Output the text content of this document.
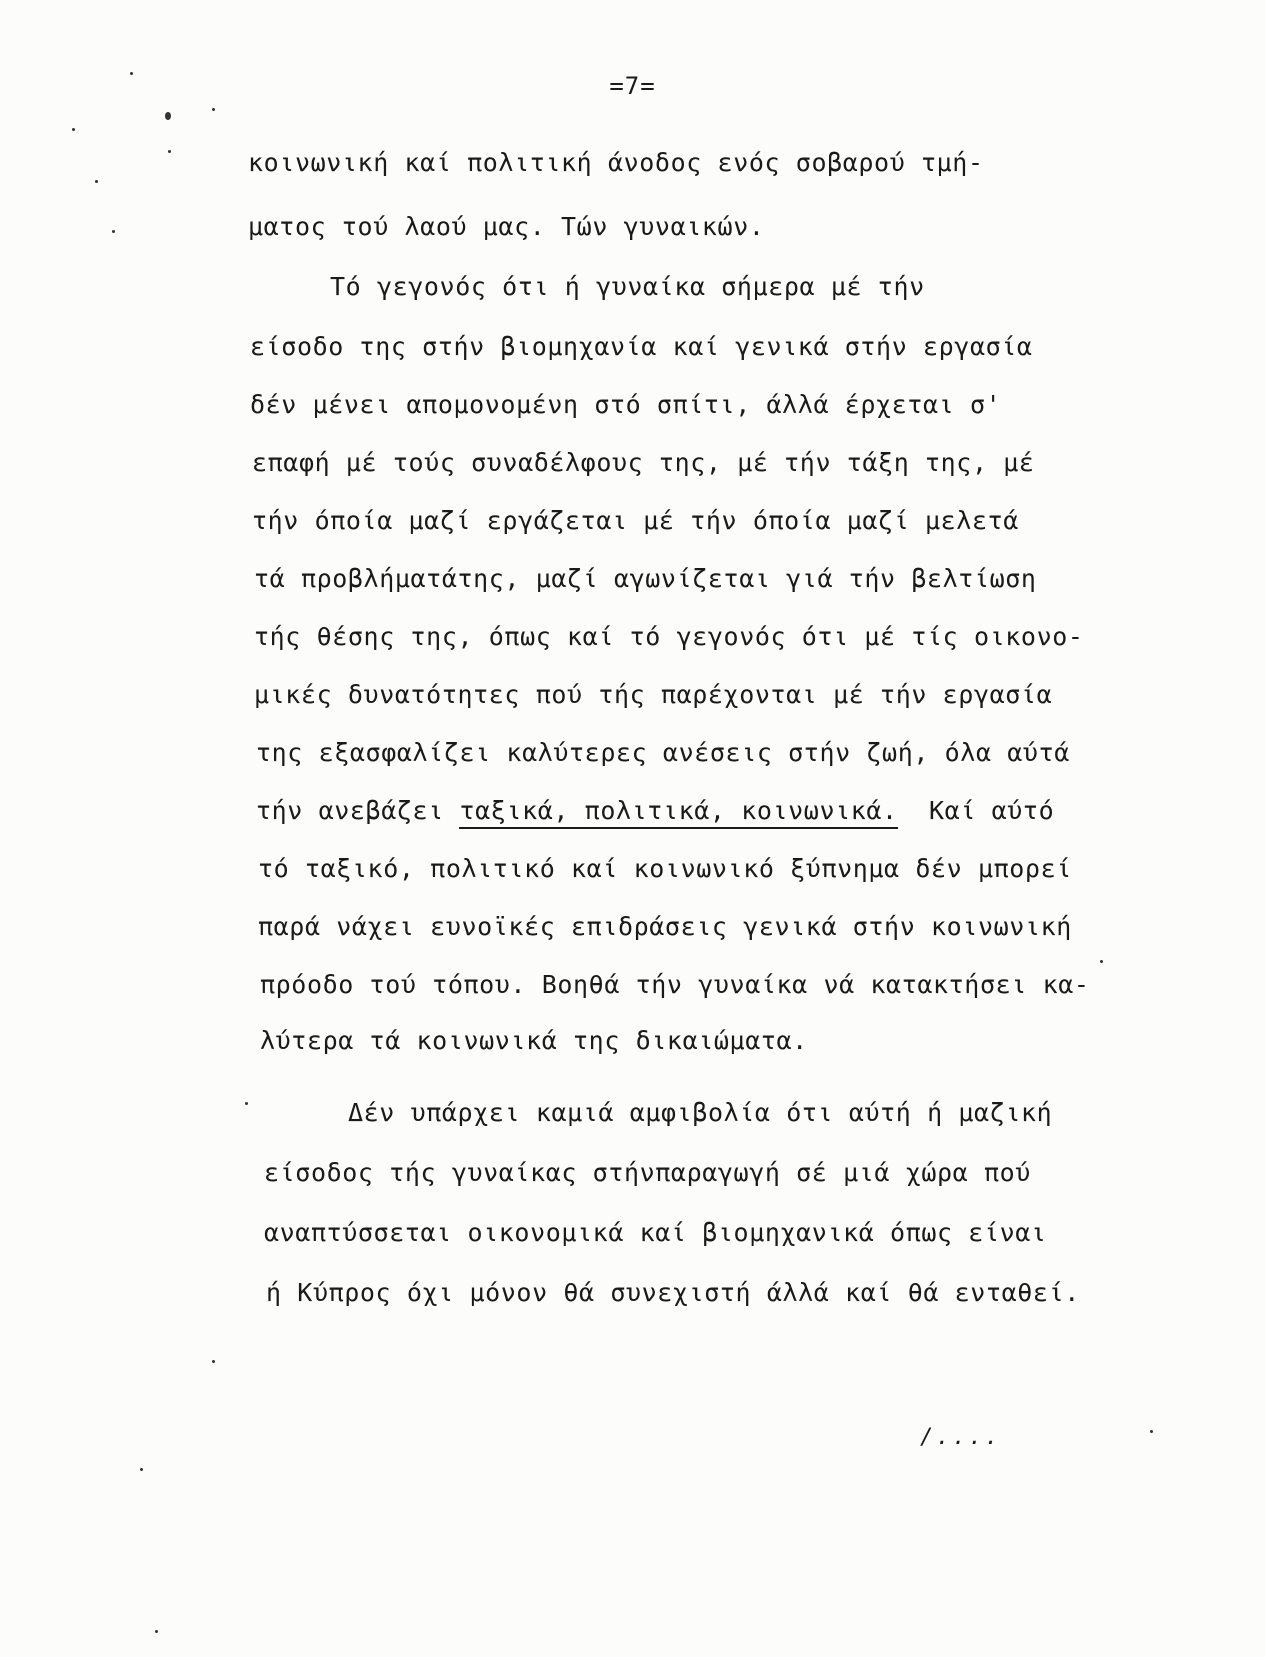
=7=
κοινωνική καί πολιτική άνοδος ενός σοβαρού τμή-
ματος τού λαού μας. Τών γυναικών.
Τό γεγονός ότι ή γυναίκα σήμερα μέ τήν
είσοδο της στήν βιομηχανία καί γενικά στήν εργασία
δέν μένει απομονομένη στό σπίτι, άλλά έρχεται σ'
επαφή μέ τούς συναδέλφους της, μέ τήν τάξη της, μέ
τήν όποία μαζί εργάζεται μέ τήν όποία μαζί μελετά
τά προβλήματάτης, μαζί αγωνίζεται γιά τήν βελτίωση
τής θέσης της, όπως καί τό γεγονός ότι μέ τίς οικονο-
μικές δυνατότητες πού τής παρέχονται μέ τήν εργασία
της εξασφαλίζει καλύτερες ανέσεις στήν ζωή, όλα αύτά
τήν ανεβάζει ταξικά, πολιτικά, κοινωνικά.  Καί αύτό
τό ταξικό, πολιτικό καί κοινωνικό ξύπνημα δέν μπορεί
παρά νάχει ευνοϊκές επιδράσεις γενικά στήν κοινωνική
πρόοδο τού τόπου. Βοηθά τήν γυναίκα νά κατακτήσει κα-
λύτερα τά κοινωνικά της δικαιώματα.
Δέν υπάρχει καμιά αμφιβολία ότι αύτή ή μαζική
είσοδος τής γυναίκας στήνπαραγωγή σέ μιά χώρα πού
αναπτύσσεται οικονομικά καί βιομηχανικά όπως είναι
ή Κύπρος όχι μόνον θά συνεχιστή άλλά καί θά ενταθεί.
/....
